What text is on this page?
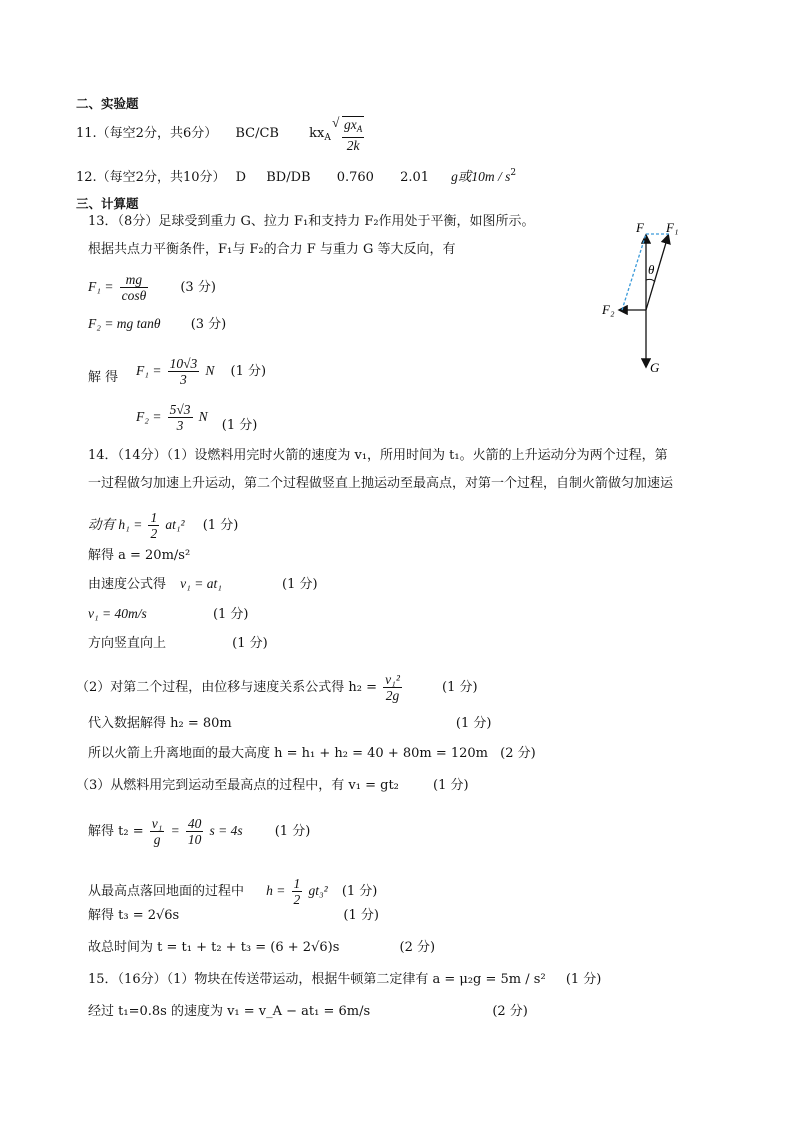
二、实验题
11.（每空2分，共6分） BC/CB $kx_A$
√ $\frac{gx_A}{2k}$
12.（每空2分，共10分） D BD/DB 0.760 2.01 g或$10m / s^2$
三、计算题
13．（8分）足球受到重力 G、拉力 F₁和支持力 F₂作用处于平衡，如图所示。
根据共点力平衡条件，F₁与 F₂的合力 F 与重力 G 等大反向，有
$F_1 = \frac{mg}{\cos\theta} (3$ 分)
F₂ = mg tanθ (3 分)
解 得 $F_1 = \frac{10√3}{3}$ N (1 分)
$F_2 = \frac{5√3}{3}$ N (1 分)
F F₁
θ
F₂
G
14．（14分）（1）设燃料用完时火箭的速度为 v₁，所用时间为 t₁。火箭的上升运动分为两个过程，第
一过程做匀加速上升运动，第二个过程做竖直上抛运动至最高点，对第一个过程，自制火箭做匀加速运
动有 $h_1 = \frac{1}{2} at_1^2$ (1 分)
解得 a = 20m/s²
由速度公式得 v₁ = at₁	(1 分)
v₁ = 40m/s	(1 分)
方向竖直向上	(1 分)
（2）对第二个过程，由位移与速度关系公式得 $h_2 = \frac{\text{v₁²}}{2g}$	(1 分)
代入数据解得 h₂ = 80m	(1 分)
所以火箭上升离地面的最大高度 h = h₁ + h₂ = 40 + 80m = 120m (2 分)
（3）从燃料用完到运动至最高点的过程中，有 v₁ = gt₂	(1 分)
解得 $t_2 = \frac{\text{v₁}}{g} = \frac{40}{10}$ s = 4s (1 分)
从最高点落回地面的过程中 $h = \frac{1}{2} gt_3^2$ (1 分)
解得 t₃ = 2√6s	(1 分)
故总时间为 t = t₁ + t₂ + t₃ = (6 + 2√6)s	(2 分)
15．（16分）（1）物块在传送带运动，根据牛顿第二定律有 a = μ₂g = 5m / s² (1 分)
经过 t₁=0.8s 的速度为 v₁ = v_A − at₁ = 6m/s	(2 分)
